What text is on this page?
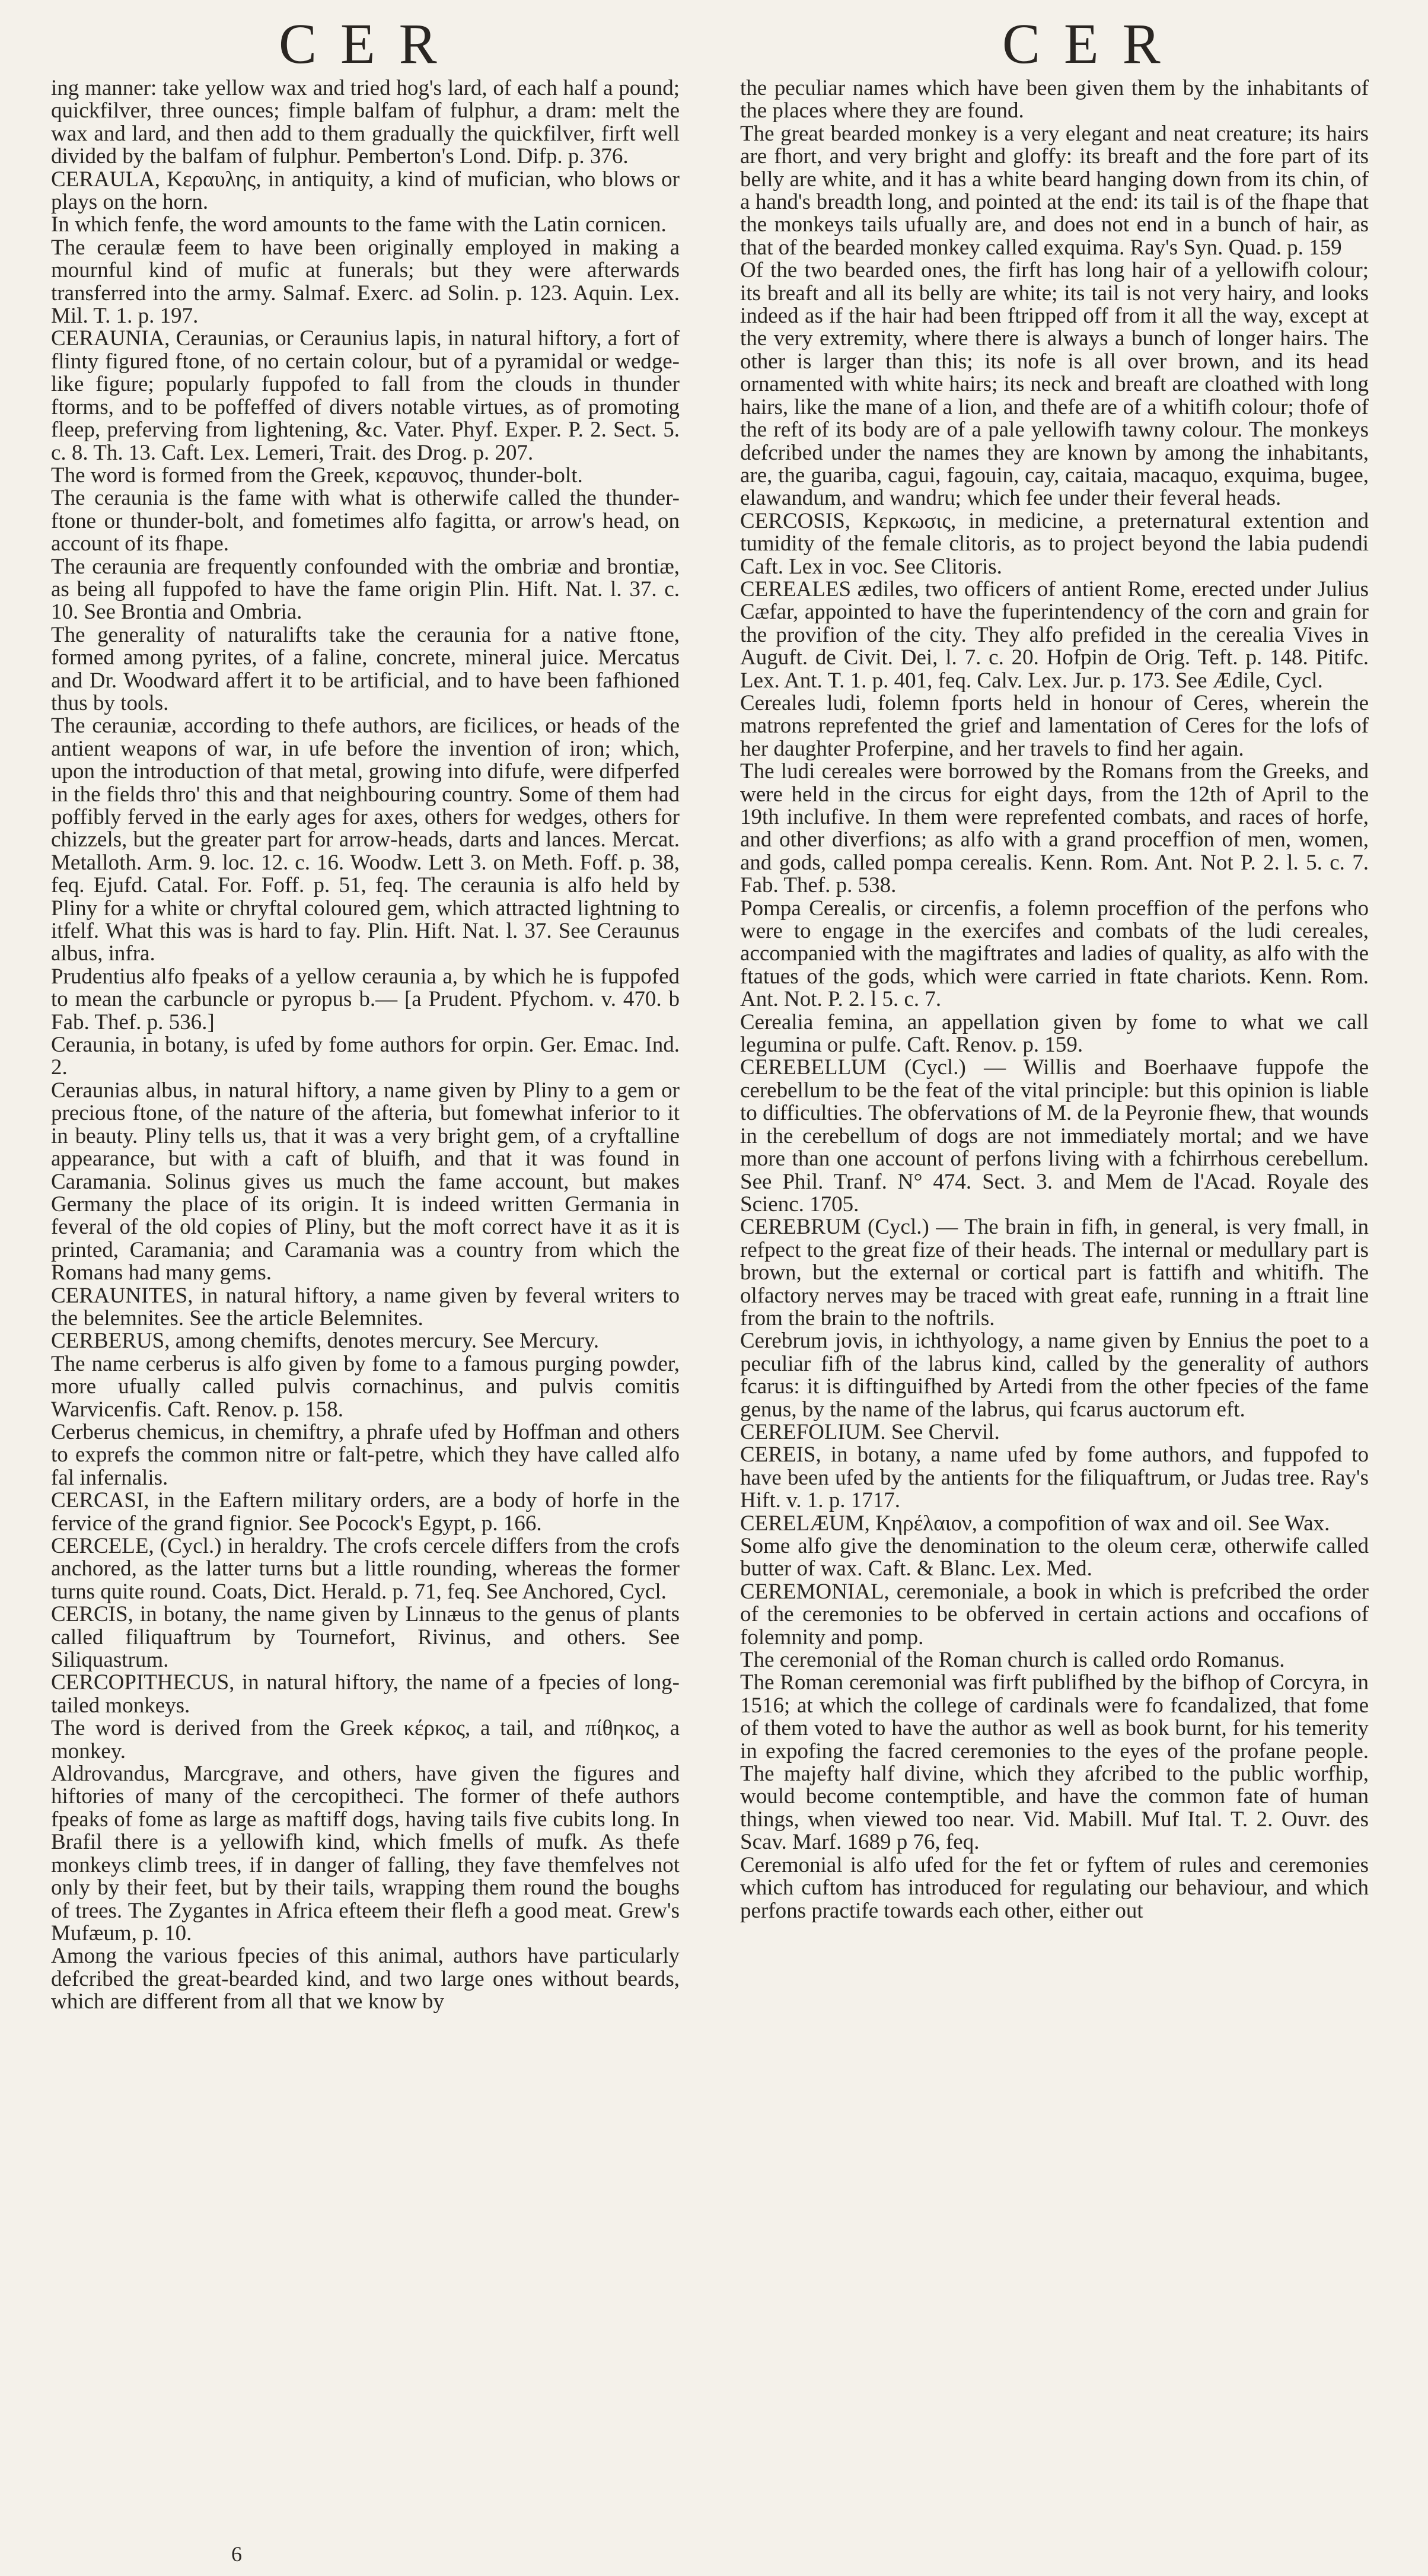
CER	CER

ing manner: take yellow wax and tried hog's lard, of each half a pound; quickfilver, three ounces; fimple balfam of fulphur, a dram: melt the wax and lard, and then add to them gradually the quickfilver, firft well divided by the balfam of fulphur. Pemberton's Lond. Difp. p. 376.

CERAULA, Κεραυλης, in antiquity, a kind of mufician, who blows or plays on the horn.

In which fenfe, the word amounts to the fame with the Latin cornicen.

The ceraulæ feem to have been originally employed in making a mournful kind of mufic at funerals; but they were afterwards transferred into the army. Salmaf. Exerc. ad Solin. p. 123. Aquin. Lex. Mil. T. 1. p. 197.

CERAUNIA, Ceraunias, or Ceraunius lapis, in natural hiftory, a fort of flinty figured ftone, of no certain colour, but of a pyramidal or wedge-like figure; popularly fuppofed to fall from the clouds in thunder ftorms, and to be poffeffed of divers notable virtues, as of promoting fleep, preferving from lightening, &c. Vater. Phyf. Exper. P. 2. Sect. 5. c. 8. Th. 13. Caft. Lex. Lemeri, Trait. des Drog. p. 207.

The word is formed from the Greek, κεραυνος, thunder-bolt.

The ceraunia is the fame with what is otherwife called the thunder-ftone or thunder-bolt, and fometimes alfo fagitta, or arrow's head, on account of its fhape.

The ceraunia are frequently confounded with the ombriæ and brontiæ, as being all fuppofed to have the fame origin Plin. Hift. Nat. l. 37. c. 10. See Brontia and Ombria.

The generality of naturalifts take the ceraunia for a native ftone, formed among pyrites, of a faline, concrete, mineral juice. Mercatus and Dr. Woodward affert it to be artificial, and to have been fafhioned thus by tools.

The cerauniæ, according to thefe authors, are ficilices, or heads of the antient weapons of war, in ufe before the invention of iron; which, upon the introduction of that metal, growing into difufe, were difperfed in the fields thro' this and that neighbouring country. Some of them had poffibly ferved in the early ages for axes, others for wedges, others for chizzels, but the greater part for arrow-heads, darts and lances. Mercat. Metalloth. Arm. 9. loc. 12. c. 16. Woodw. Lett 3. on Meth. Foff. p. 38, feq. Ejufd. Catal. For. Foff. p. 51, feq. The ceraunia is alfo held by Pliny for a white or chryftal coloured gem, which attracted lightning to itfelf. What this was is hard to fay. Plin. Hift. Nat. l. 37. See Ceraunus albus, infra.

Prudentius alfo fpeaks of a yellow ceraunia a, by which he is fuppofed to mean the carbuncle or pyropus b.— [a Prudent. Pfychom. v. 470. b Fab. Thef. p. 536.]

Ceraunia, in botany, is ufed by fome authors for orpin. Ger. Emac. Ind. 2.

Ceraunias albus, in natural hiftory, a name given by Pliny to a gem or precious ftone, of the nature of the afteria, but fomewhat inferior to it in beauty. Pliny tells us, that it was a very bright gem, of a cryftalline appearance, but with a caft of bluifh, and that it was found in Caramania. Solinus gives us much the fame account, but makes Germany the place of its origin. It is indeed written Germania in feveral of the old copies of Pliny, but the moft correct have it as it is printed, Caramania; and Caramania was a country from which the Romans had many gems.

CERAUNITES, in natural hiftory, a name given by feveral writers to the belemnites. See the article Belemnites.

CERBERUS, among chemifts, denotes mercury. See Mercury.

The name cerberus is alfo given by fome to a famous purging powder, more ufually called pulvis cornachinus, and pulvis comitis Warvicenfis. Caft. Renov. p. 158.

Cerberus chemicus, in chemiftry, a phrafe ufed by Hoffman and others to exprefs the common nitre or falt-petre, which they have called alfo fal infernalis.

CERCASI, in the Eaftern military orders, are a body of horfe in the fervice of the grand fignior. See Pocock's Egypt, p. 166.

CERCELE, (Cycl.) in heraldry. The crofs cercele differs from the crofs anchored, as the latter turns but a little rounding, whereas the former turns quite round. Coats, Dict. Herald. p. 71, feq. See Anchored, Cycl.

CERCIS, in botany, the name given by Linnæus to the genus of plants called filiquaftrum by Tournefort, Rivinus, and others. See Siliquastrum.

CERCOPITHECUS, in natural hiftory, the name of a fpecies of long-tailed monkeys.

The word is derived from the Greek κέρκος, a tail, and πίθηκος, a monkey.

Aldrovandus, Marcgrave, and others, have given the figures and hiftories of many of the cercopitheci. The former of thefe authors fpeaks of fome as large as maftiff dogs, having tails five cubits long. In Brafil there is a yellowifh kind, which fmells of mufk. As thefe monkeys climb trees, if in danger of falling, they fave themfelves not only by their feet, but by their tails, wrapping them round the boughs of trees. The Zygantes in Africa efteem their flefh a good meat. Grew's Mufæum, p. 10.

Among the various fpecies of this animal, authors have particularly defcribed the great-bearded kind, and two large ones without beards, which are different from all that we know by

the peculiar names which have been given them by the inhabitants of the places where they are found.

The great bearded monkey is a very elegant and neat creature; its hairs are fhort, and very bright and gloffy: its breaft and the fore part of its belly are white, and it has a white beard hanging down from its chin, of a hand's breadth long, and pointed at the end: its tail is of the fhape that the monkeys tails ufually are, and does not end in a bunch of hair, as that of the bearded monkey called exquima. Ray's Syn. Quad. p. 159

Of the two bearded ones, the firft has long hair of a yellowifh colour; its breaft and all its belly are white; its tail is not very hairy, and looks indeed as if the hair had been ftripped off from it all the way, except at the very extremity, where there is always a bunch of longer hairs. The other is larger than this; its nofe is all over brown, and its head ornamented with white hairs; its neck and breaft are cloathed with long hairs, like the mane of a lion, and thefe are of a whitifh colour; thofe of the reft of its body are of a pale yellowifh tawny colour. The monkeys defcribed under the names they are known by among the inhabitants, are, the guariba, cagui, fagouin, cay, caitaia, macaquo, exquima, bugee, elawandum, and wandru; which fee under their feveral heads.

CERCOSIS, Κερκωσις, in medicine, a preternatural extention and tumidity of the female clitoris, as to project beyond the labia pudendi Caft. Lex in voc. See Clitoris.

CEREALES ædiles, two officers of antient Rome, erected under Julius Cæfar, appointed to have the fuperintendency of the corn and grain for the provifion of the city. They alfo prefided in the cerealia Vives in Auguft. de Civit. Dei, l. 7. c. 20. Hofpin de Orig. Teft. p. 148. Pitifc. Lex. Ant. T. 1. p. 401, feq. Calv. Lex. Jur. p. 173. See Ædile, Cycl.

Cereales ludi, folemn fports held in honour of Ceres, wherein the matrons reprefented the grief and lamentation of Ceres for the lofs of her daughter Proferpine, and her travels to find her again.

The ludi cereales were borrowed by the Romans from the Greeks, and were held in the circus for eight days, from the 12th of April to the 19th inclufive. In them were reprefented combats, and races of horfe, and other diverfions; as alfo with a grand proceffion of men, women, and gods, called pompa cerealis. Kenn. Rom. Ant. Not P. 2. l. 5. c. 7. Fab. Thef. p. 538.

Pompa Cerealis, or circenfis, a folemn proceffion of the perfons who were to engage in the exercifes and combats of the ludi cereales, accompanied with the magiftrates and ladies of quality, as alfo with the ftatues of the gods, which were carried in ftate chariots. Kenn. Rom. Ant. Not. P. 2. l 5. c. 7.

Cerealia femina, an appellation given by fome to what we call legumina or pulfe. Caft. Renov. p. 159.

CEREBELLUM (Cycl.) — Willis and Boerhaave fuppofe the cerebellum to be the feat of the vital principle: but this opinion is liable to difficulties. The obfervations of M. de la Peyronie fhew, that wounds in the cerebellum of dogs are not immediately mortal; and we have more than one account of perfons living with a fchirrhous cerebellum. See Phil. Tranf. N° 474. Sect. 3. and Mem de l'Acad. Royale des Scienc. 1705.

CEREBRUM (Cycl.) — The brain in fifh, in general, is very fmall, in refpect to the great fize of their heads. The internal or medullary part is brown, but the external or cortical part is fattifh and whitifh. The olfactory nerves may be traced with great eafe, running in a ftrait line from the brain to the noftrils.

Cerebrum jovis, in ichthyology, a name given by Ennius the poet to a peculiar fifh of the labrus kind, called by the generality of authors fcarus: it is diftinguifhed by Artedi from the other fpecies of the fame genus, by the name of the labrus, qui fcarus auctorum eft.

CEREFOLIUM. See Chervil.

CEREIS, in botany, a name ufed by fome authors, and fuppofed to have been ufed by the antients for the filiquaftrum, or Judas tree. Ray's Hift. v. 1. p. 1717.

CERELÆUM, Κηρέλαιον, a compofition of wax and oil. See Wax.

Some alfo give the denomination to the oleum ceræ, otherwife called butter of wax. Caft. & Blanc. Lex. Med.

CEREMONIAL, ceremoniale, a book in which is prefcribed the order of the ceremonies to be obferved in certain actions and occafions of folemnity and pomp.

The ceremonial of the Roman church is called ordo Romanus.

The Roman ceremonial was firft publifhed by the bifhop of Corcyra, in 1516; at which the college of cardinals were fo fcandalized, that fome of them voted to have the author as well as book burnt, for his temerity in expofing the facred ceremonies to the eyes of the profane people. The majefty half divine, which they afcribed to the public worfhip, would become contemptible, and have the common fate of human things, when viewed too near. Vid. Mabill. Muf Ital. T. 2. Ouvr. des Scav. Marf. 1689 p 76, feq.

Ceremonial is alfo ufed for the fet or fyftem of rules and ceremonies which cuftom has introduced for regulating our behaviour, and which perfons practife towards each other, either out

6
